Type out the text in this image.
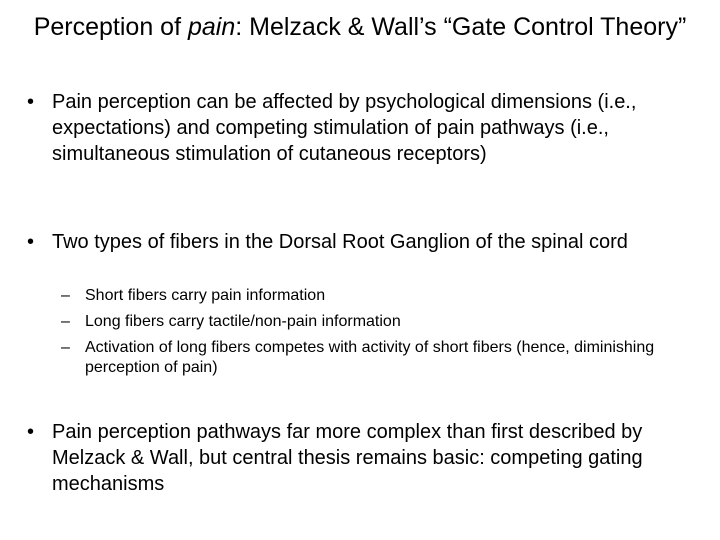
Perception of pain: Melzack & Wall’s “Gate Control Theory”
• Pain perception can be affected by psychological dimensions (i.e., expectations) and competing stimulation of pain pathways (i.e., simultaneous stimulation of cutaneous receptors)
• Two types of fibers in the Dorsal Root Ganglion of the spinal cord
– Short fibers carry pain information
– Long fibers carry tactile/non-pain information
– Activation of long fibers competes with activity of short fibers (hence, diminishing perception of pain)
• Pain perception pathways far more complex than first described by Melzack & Wall, but central thesis remains basic: competing gating mechanisms
